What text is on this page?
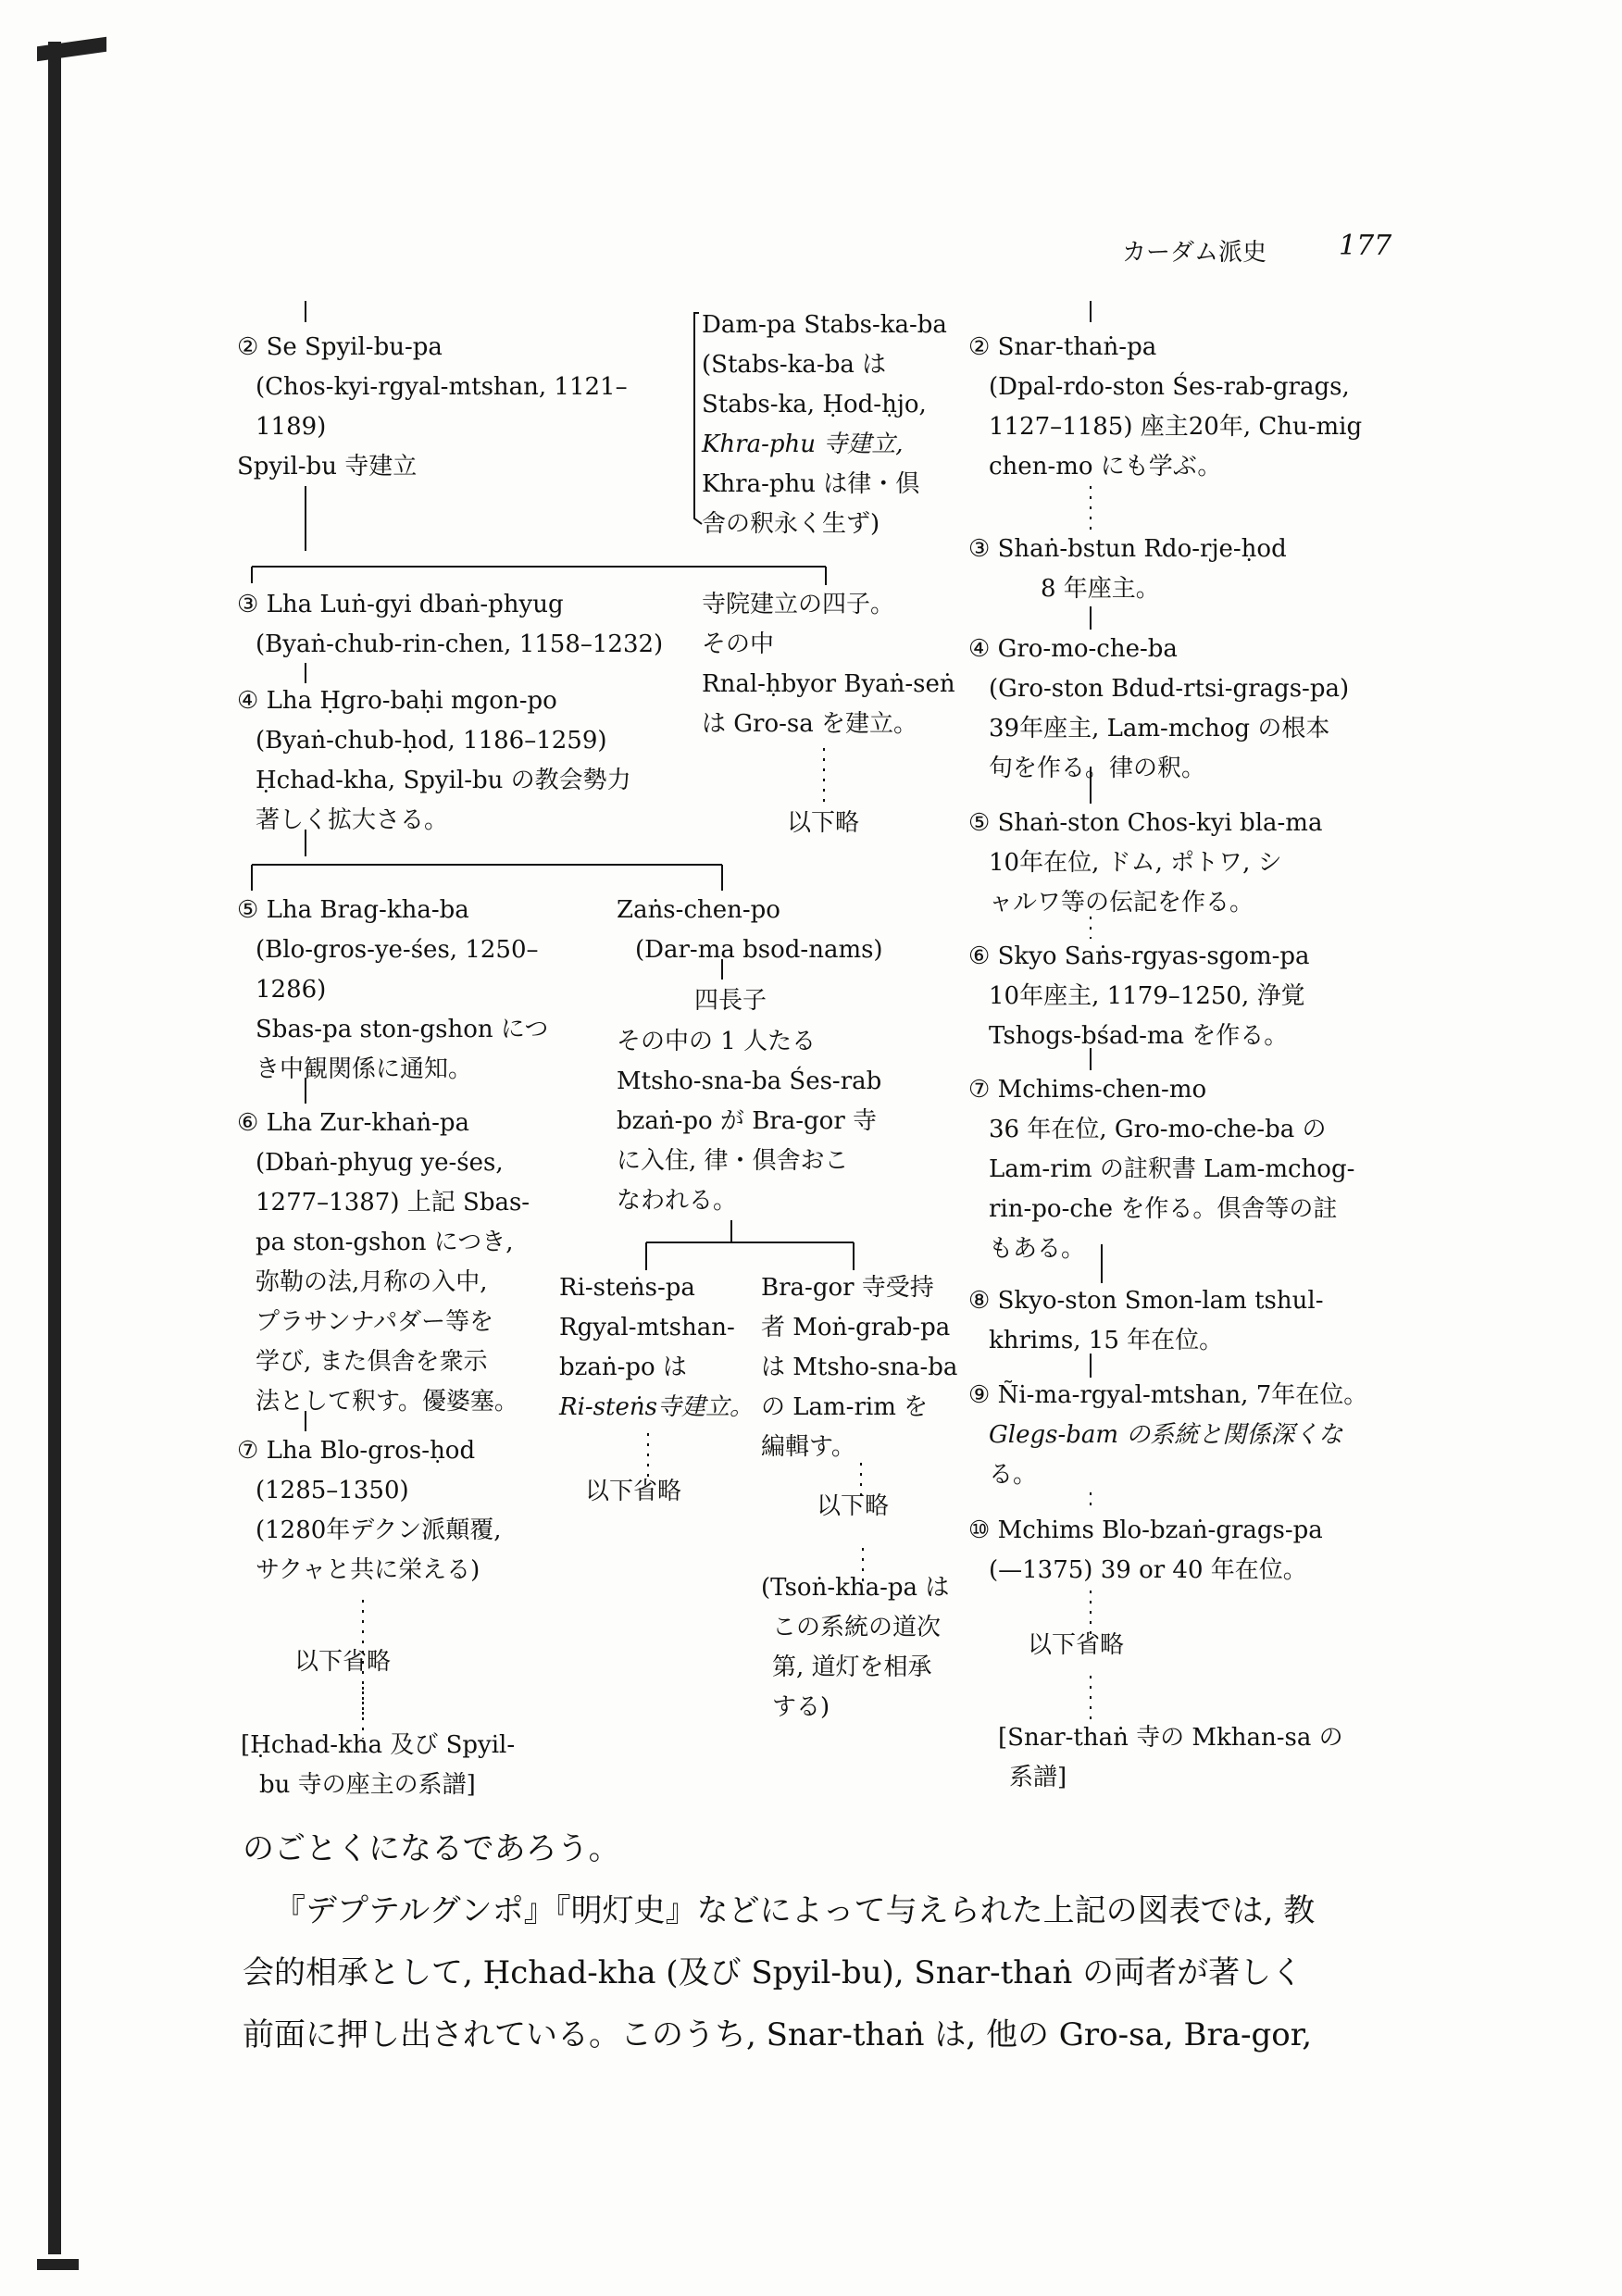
カーダム派史	177
② Se Spyil-bu-pa
(Chos-kyi-rgyal-mtshan, 1121–
1189)
Spyil-bu 寺建立
③ Lha Luṅ-gyi dbaṅ-phyug
(Byaṅ-chub-rin-chen, 1158–1232)
④ Lha Ḥgro-baḥi mgon-po
(Byaṅ-chub-ḥod, 1186–1259)
Ḥchad-kha, Spyil-bu の教会勢力
著しく拡大さる。
⑤ Lha Brag-kha-ba
(Blo-gros-ye-śes, 1250–
1286)
Sbas-pa ston-gshon につ
き中観関係に通知。
⑥ Lha Zur-khaṅ-pa
(Dbaṅ-phyug ye-śes,
1277–1387) 上記 Sbas-
pa ston-gshon につき,
弥勒の法,月称の入中,
プラサンナパダー等を
学び, また倶舎を衆示
法として釈す。優婆塞。
⑦ Lha Blo-gros-ḥod
(1285–1350)
(1280年デクン派顛覆,
サクャと共に栄える)
以下省略
[Ḥchad-kha 及び Spyil-
bu 寺の座主の系譜]
Dam-pa Stabs-ka-ba
(Stabs-ka-ba は
Stabs-ka, Ḥod-ḥjo,
Khra-phu 寺建立,
Khra-phu は律・倶
舎の釈永く生ず)
寺院建立の四子。
その中
Rnal-ḥbyor Byaṅ-seṅ
は Gro-sa を建立。
以下略
Zaṅs-chen-po
(Dar-ma bsod-nams)
四長子
その中の 1 人たる
Mtsho-sna-ba Śes-rab
bzaṅ-po が Bra-gor 寺
に入住, 律・倶舎おこ
なわれる。
Ri-steṅs-pa
Rgyal-mtshan-
bzaṅ-po は
Ri-steṅs寺建立。
以下省略
Bra-gor 寺受持
者 Moṅ-grab-pa
は Mtsho-sna-ba
の Lam-rim を
編輯す。
以下略
(Tsoṅ-kha-pa は
この系統の道次
第, 道灯を相承
する)
② Snar-thaṅ-pa
(Dpal-rdo-ston Śes-rab-grags,
1127–1185) 座主20年, Chu-mig
chen-mo にも学ぶ。
③ Shaṅ-bstun Rdo-rje-ḥod
　　　8 年座主。
④ Gro-mo-che-ba
(Gro-ston Bdud-rtsi-grags-pa)
39年座主, Lam-mchog の根本
句を作る。律の釈。
⑤ Shaṅ-ston Chos-kyi bla-ma
10年在位, ドム, ポトワ, シ
ャルワ等の伝記を作る。
⑥ Skyo Saṅs-rgyas-sgom-pa
10年座主, 1179–1250, 浄覚
Tshogs-bśad-ma を作る。
⑦ Mchims-chen-mo
36 年在位, Gro-mo-che-ba の
Lam-rim の註釈書 Lam-mchog-
rin-po-che を作る。倶舎等の註
もある。
⑧ Skyo-ston Smon-lam tshul-
khrims, 15 年在位。
⑨ Ñi-ma-rgyal-mtshan, 7年在位。
Glegs-bam の系統と関係深くな
る。
⑩ Mchims Blo-bzaṅ-grags-pa
(—1375) 39 or 40 年在位。
以下省略
[Snar-thaṅ 寺の Mkhan-sa の
系譜]
のごとくになるであろう。
『デプテルグンポ』『明灯史』などによって与えられた上記の図表では, 教
会的相承として, Ḥchad-kha (及び Spyil-bu), Snar-thaṅ の両者が著しく
前面に押し出されている。このうち, Snar-thaṅ は, 他の Gro-sa, Bra-gor,
